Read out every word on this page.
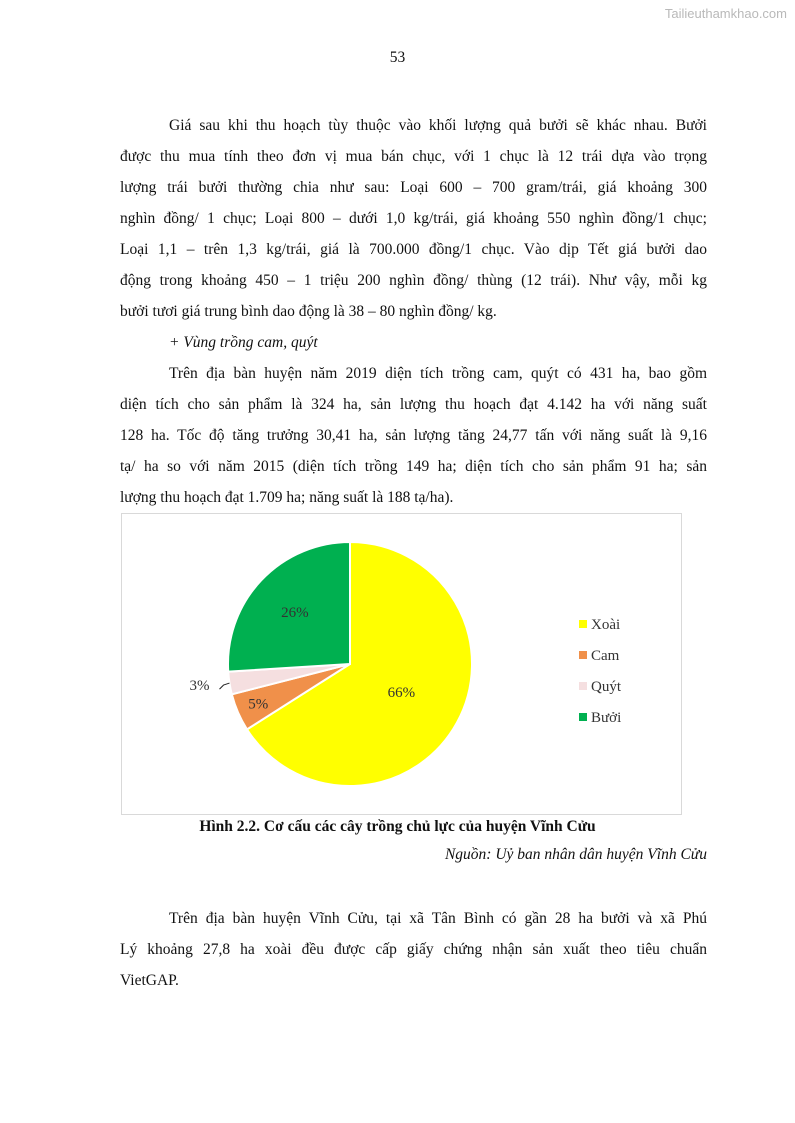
Tailieuthamkhao.com
53
Giá sau khi thu hoạch tùy thuộc vào khối lượng quả bưởi sẽ khác nhau. Bưởi
được thu mua tính theo đơn vị mua bán chục, với 1 chục là 12 trái dựa vào trọng
lượng trái bưởi thường chia như sau: Loại 600 – 700 gram/trái, giá khoảng 300
nghìn đồng/ 1 chục; Loại 800 – dưới 1,0 kg/trái, giá khoảng 550 nghìn đồng/1 chục;
Loại 1,1 – trên 1,3 kg/trái, giá là 700.000 đồng/1 chục. Vào dịp Tết giá bưởi dao
động trong khoảng 450 – 1 triệu 200 nghìn đồng/ thùng (12 trái). Như vậy, mỗi kg
bưởi tươi giá trung bình dao động là 38 – 80 nghìn đồng/ kg.
+ Vùng trồng cam, quýt
Trên địa bàn huyện năm 2019 diện tích trồng cam, quýt có 431 ha, bao gồm
diện tích cho sản phẩm là 324 ha, sản lượng thu hoạch đạt 4.142 ha với năng suất
128 ha. Tốc độ tăng trưởng 30,41 ha, sản lượng tăng 24,77 tấn với năng suất là 9,16
tạ/ ha so với năm 2015 (diện tích trồng 149 ha; diện tích cho sản phẩm 91 ha; sản
lượng thu hoạch đạt 1.709 ha; năng suất là 188 tạ/ha).
66%
5%
3%
26%
Xoài
Cam
Quýt
Bưởi
Hình 2.2. Cơ cấu các cây trồng chủ lực của huyện Vĩnh Cửu
Nguồn: Uỷ ban nhân dân huyện Vĩnh Cửu
Trên địa bàn huyện Vĩnh Cửu, tại xã Tân Bình có gần 28 ha bưởi và xã Phú
Lý khoảng 27,8 ha xoài đều được cấp giấy chứng nhận sản xuất theo tiêu chuẩn
VietGAP.
